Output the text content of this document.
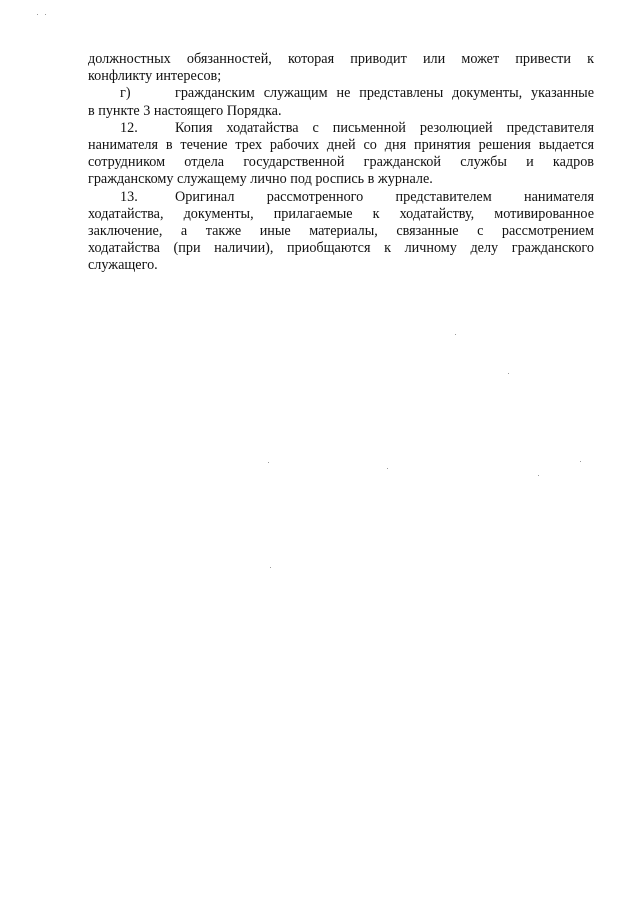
должностных обязанностей, которая приводит или может привести к
конфликту интересов;
г)	гражданским служащим не представлены документы, указанные
в пункте 3 настоящего Порядка.
12.	Копия ходатайства с письменной резолюцией представителя
нанимателя в течение трех рабочих дней со дня принятия решения выдается
сотрудником отдела государственной гражданской службы и кадров
гражданскому служащему лично под роспись в журнале.
13.	Оригинал рассмотренного представителем нанимателя
ходатайства, документы, прилагаемые к ходатайству, мотивированное
заключение, а также иные материалы, связанные с рассмотрением
ходатайства (при наличии), приобщаются к личному делу гражданского
служащего.
